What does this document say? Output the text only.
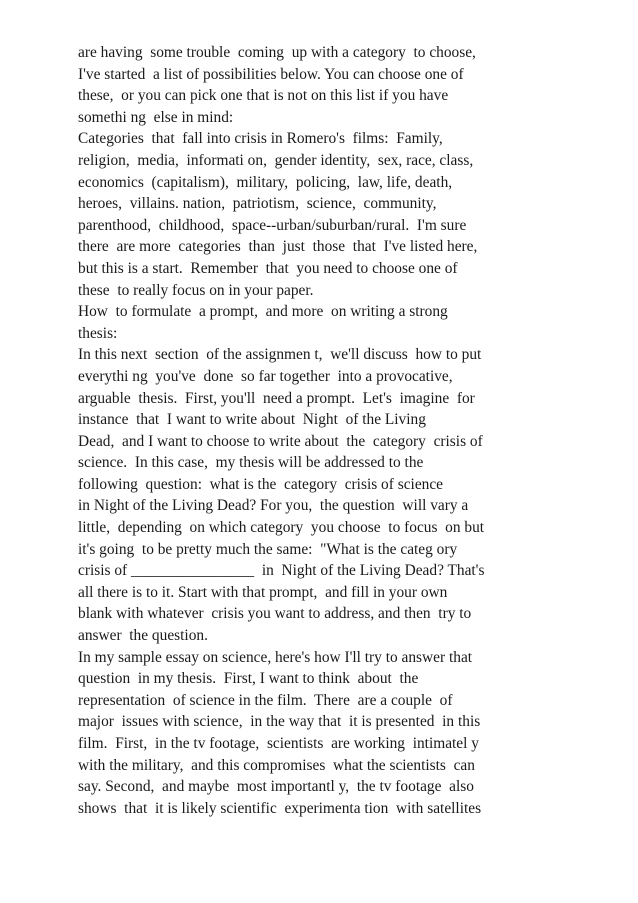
are having  some trouble  coming  up with a category  to choose,
I've started  a list of possibilities below. You can choose one of
these,  or you can pick one that is not on this list if you have
somethi ng  else in mind:
Categories  that  fall into crisis in Romero's  films:  Family,
religion,  media,  informati on,  gender identity,  sex, race, class,
economics  (capitalism),  military,  policing,  law, life, death,
heroes,  villains. nation,  patriotism,  science,  community,
parenthood,  childhood,  space--urban/suburban/rural.  I'm sure
there  are more  categories  than  just  those  that  I've listed here,
but this is a start.  Remember  that  you need to choose one of
these  to really focus on in your paper.
How  to formulate  a prompt,  and more  on writing a strong
thesis:
In this next  section  of the assignmen t,  we'll discuss  how to put
everythi ng  you've  done  so far together  into a provocative,
arguable  thesis.  First, you'll  need a prompt.  Let's  imagine  for
instance  that  I want to write about  Night  of the Living
Dead,  and I want to choose to write about  the  category  crisis of
science.  In this case,  my thesis will be addressed to the
following  question:  what is the  category  crisis of science
in Night of the Living Dead? For you,  the question  will vary a
little,  depending  on which category  you choose  to focus  on but
it's going  to be pretty much the same:  "What is the categ ory
crisis of ________________  in  Night of the Living Dead? That's
all there is to it. Start with that prompt,  and fill in your own
blank with whatever  crisis you want to address, and then  try to
answer  the question.
In my sample essay on science, here's how I'll try to answer that
question  in my thesis.  First, I want to think  about  the
representation  of science in the film.  There  are a couple  of
major  issues with science,  in the way that  it is presented  in this
film.  First,  in the tv footage,  scientists  are working  intimatel y
with the military,  and this compromises  what the scientists  can
say. Second,  and maybe  most importantl y,  the tv footage  also
shows  that  it is likely scientific  experimenta tion  with satellites
